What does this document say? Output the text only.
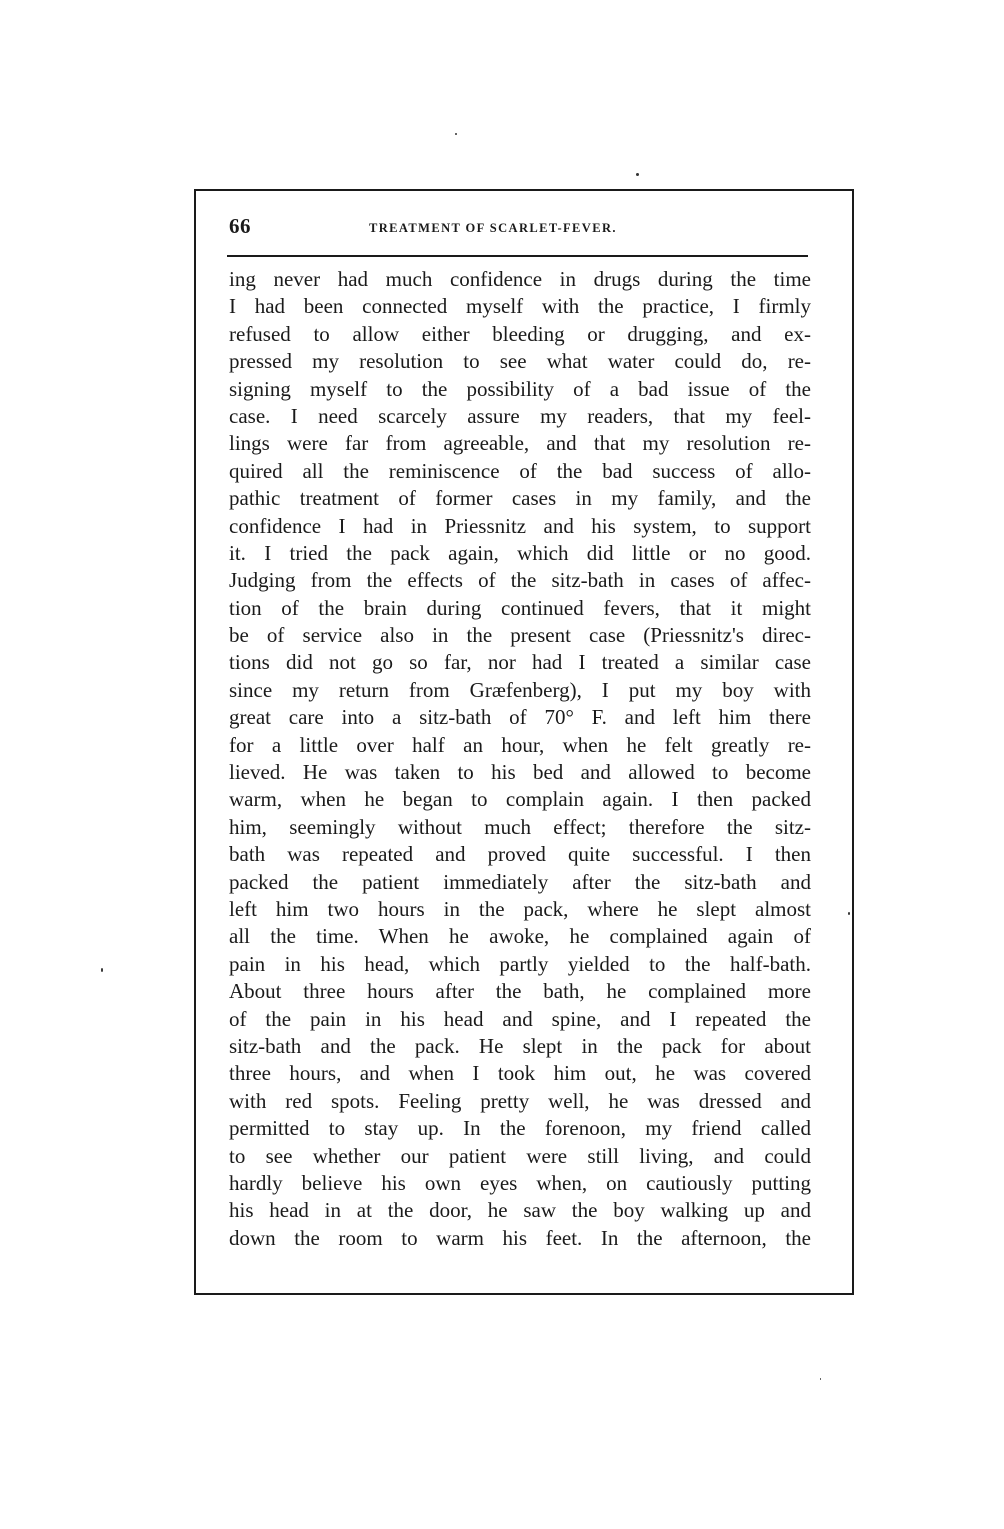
66	TREATMENT OF SCARLET-FEVER.
ing never had much confidence in drugs during the time
I had been connected myself with the practice, I firmly
refused to allow either bleeding or drugging, and ex-
pressed my resolution to see what water could do, re-
signing myself to the possibility of a bad issue of the
case. I need scarcely assure my readers, that my feel-
lings were far from agreeable, and that my resolution re-
quired all the reminiscence of the bad success of allo-
pathic treatment of former cases in my family, and the
confidence I had in Priessnitz and his system, to support
it. I tried the pack again, which did little or no good.
Judging from the effects of the sitz-bath in cases of affec-
tion of the brain during continued fevers, that it might
be of service also in the present case (Priessnitz's direc-
tions did not go so far, nor had I treated a similar case
since my return from Græfenberg), I put my boy with
great care into a sitz-bath of 70° F. and left him there
for a little over half an hour, when he felt greatly re-
lieved. He was taken to his bed and allowed to become
warm, when he began to complain again. I then packed
him, seemingly without much effect; therefore the sitz-
bath was repeated and proved quite successful. I then
packed the patient immediately after the sitz-bath and
left him two hours in the pack, where he slept almost
all the time. When he awoke, he complained again of
pain in his head, which partly yielded to the half-bath.
About three hours after the bath, he complained more
of the pain in his head and spine, and I repeated the
sitz-bath and the pack. He slept in the pack for about
three hours, and when I took him out, he was covered
with red spots. Feeling pretty well, he was dressed and
permitted to stay up. In the forenoon, my friend called
to see whether our patient were still living, and could
hardly believe his own eyes when, on cautiously putting
his head in at the door, he saw the boy walking up and
down the room to warm his feet. In the afternoon, the
